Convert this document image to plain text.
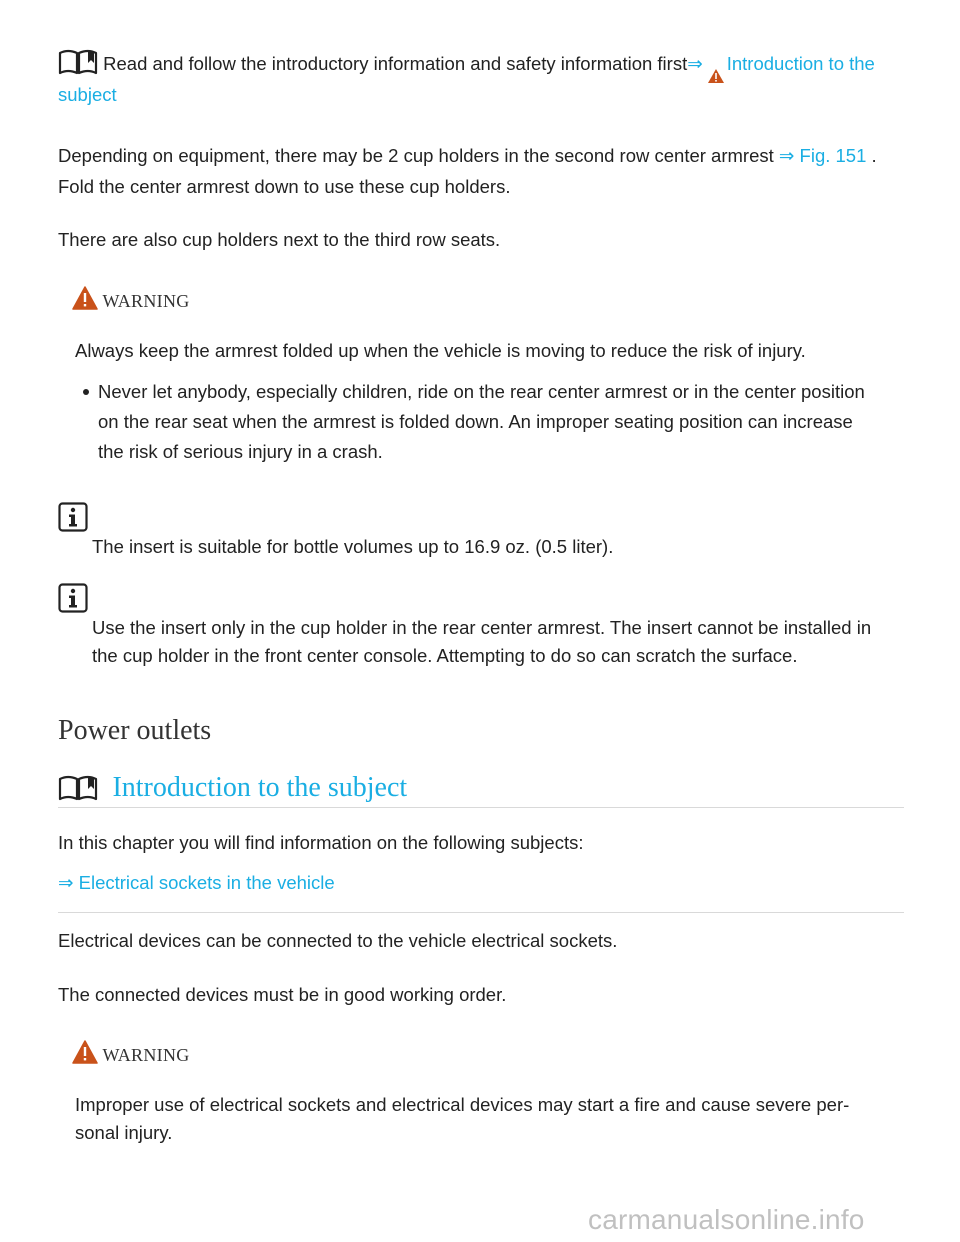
Read and follow the introductory information and safety information first⇒ Introduction to the
subject
Depending on equipment, there may be 2 cup holders in the second row center armrest ⇒ Fig. 151 .
Fold the center armrest down to use these cup holders.
There are also cup holders next to the third row seats.
WARNING
Always keep the armrest folded up when the vehicle is moving to reduce the risk of injury.
Never let anybody, especially children, ride on the rear center armrest or in the center position
on the rear seat when the armrest is folded down. An improper seating position can increase
the risk of serious injury in a crash.
The insert is suitable for bottle volumes up to 16.9 oz. (0.5 liter).
Use the insert only in the cup holder in the rear center armrest. The insert cannot be installed in
the cup holder in the front center console. Attempting to do so can scratch the surface.
Power outlets
Introduction to the subject
In this chapter you will find information on the following subjects:
⇒ Electrical sockets in the vehicle
Electrical devices can be connected to the vehicle electrical sockets.
The connected devices must be in good working order.
WARNING
Improper use of electrical sockets and electrical devices may start a fire and cause severe per-
sonal injury.
carmanualsonline.info
